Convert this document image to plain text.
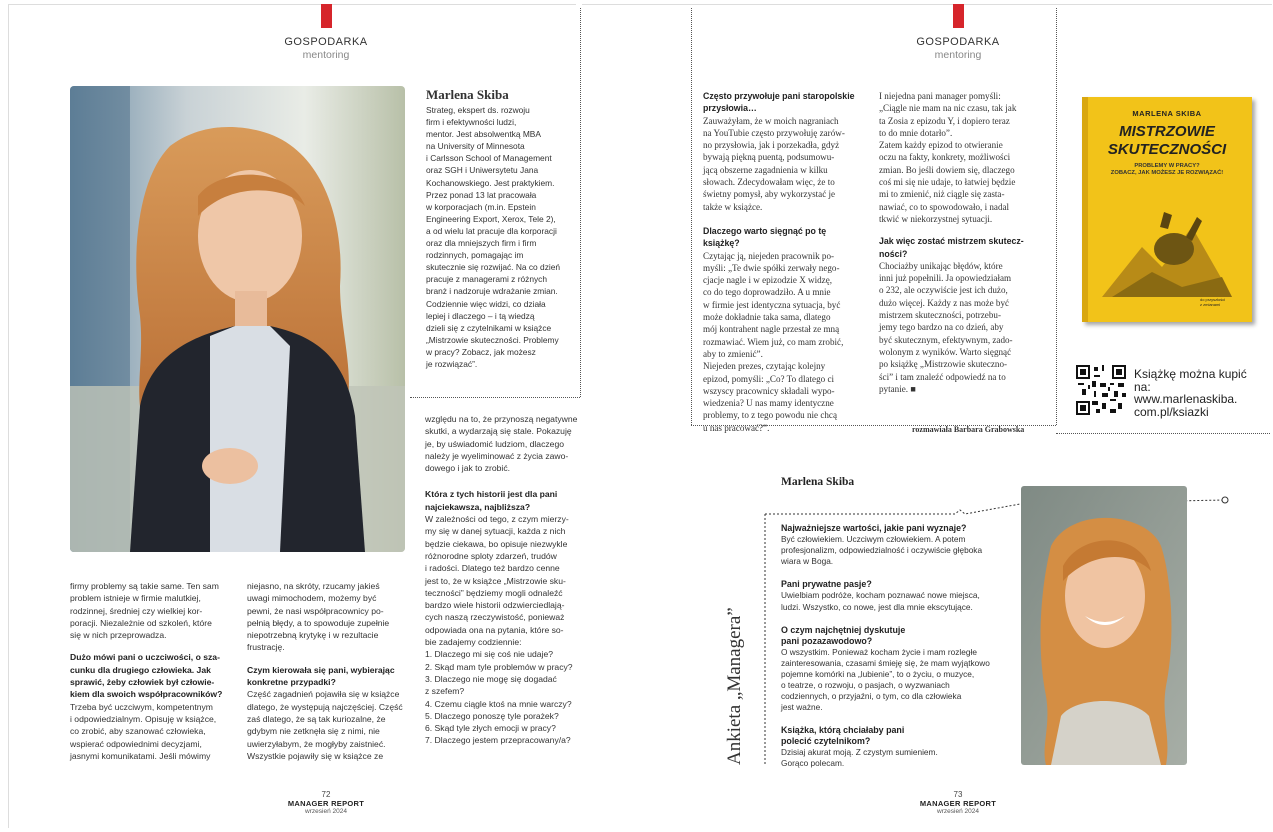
GOSPODARKA
mentoring
Marlena Skiba
Strateg, ekspert ds. rozwoju
firm i efektywności ludzi,
mentor. Jest absolwentką MBA
na University of Minnesota
i Carlsson School of Management
oraz SGH i Uniwersytetu Jana
Kochanowskiego. Jest praktykiem.
Przez ponad 13 lat pracowała
w korporacjach (m.in. Epstein
Engineering Export, Xerox, Tele 2),
a od wielu lat pracuje dla korporacji
oraz dla mniejszych firm i firm
rodzinnych, pomagając im
skutecznie się rozwijać. Na co dzień
pracuje z managerami z różnych
branż i nadzoruje wdrażanie zmian.
Codziennie więc widzi, co działa
lepiej i dlaczego – i tą wiedzą
dzieli się z czytelnikami w książce
„Mistrzowie skuteczności. Problemy
w pracy? Zobacz, jak możesz
je rozwiązać”.
firmy problemy są takie same. Ten sam
problem istnieje w firmie malutkiej,
rodzinnej, średniej czy wielkiej kor-
poracji. Niezależnie od szkoleń, które
się w nich przeprowadza.
Dużo mówi pani o uczciwości, o sza-
cunku dla drugiego człowieka. Jak
sprawić, żeby człowiek był człowie-
kiem dla swoich współpracowników?
Trzeba być uczciwym, kompetentnym
i odpowiedzialnym. Opisuję w książce,
co zrobić, aby szanować człowieka,
wspierać odpowiednimi decyzjami,
jasnymi komunikatami. Jeśli mówimy
niejasno, na skróty, rzucamy jakieś
uwagi mimochodem, możemy być
pewni, że nasi współpracownicy po-
pełnią błędy, a to spowoduje zupełnie
niepotrzebną krytykę i w rezultacie
frustrację.
Czym kierowała się pani, wybierając
konkretne przypadki?
Część zagadnień pojawiła się w książce
dlatego, że występują najczęściej. Część
zaś dlatego, że są tak kuriozalne, że
gdybym nie zetknęła się z nimi, nie
uwierzyłabym, że mogłyby zaistnieć.
Wszystkie pojawiły się w książce ze
względu na to, że przynoszą negatywne
skutki, a wydarzają się stale. Pokazuję
je, by uświadomić ludziom, dlaczego
należy je wyeliminować z życia zawo-
dowego i jak to zrobić.
Która z tych historii jest dla pani
najciekawsza, najbliższa?
W zależności od tego, z czym mierzy-
my się w danej sytuacji, każda z nich
będzie ciekawa, bo opisuje niezwykle
różnorodne sploty zdarzeń, trudów
i radości. Dlatego też bardzo cenne
jest to, że w książce „Mistrzowie sku-
teczności” będziemy mogli odnaleźć
bardzo wiele historii odzwierciedlają-
cych naszą rzeczywistość, ponieważ
odpowiada ona na pytania, które so-
bie zadajemy codziennie:
1. Dlaczego mi się coś nie udaje?
2. Skąd mam tyle problemów w pracy?
3. Dlaczego nie mogę się dogadać
z szefem?
4. Czemu ciągle ktoś na mnie warczy?
5. Dlaczego ponoszę tyle porażek?
6. Skąd tyle złych emocji w pracy?
7. Dlaczego jestem przepracowany/a?
72
MANAGER REPORT
wrzesień 2024
GOSPODARKA
mentoring
Często przywołuje pani staropolskie
przysłowia…
Zauważyłam, że w moich nagraniach
na YouTubie często przywołuję zarów-
no przysłowia, jak i porzekadła, gdyż
bywają piękną puentą, podsumowu-
jącą obszerne zagadnienia w kilku
słowach. Zdecydowałam więc, że to
świetny pomysł, aby wykorzystać je
także w książce.
Dlaczego warto sięgnąć po tę książkę?
Czytając ją, niejeden pracownik po-
myśli: „Te dwie spółki zerwały nego-
cjacje nagle i w epizodzie X widzę,
co do tego doprowadziło. A u mnie
w firmie jest identyczna sytuacja, być
może dokładnie taka sama, dlatego
mój kontrahent nagle przestał ze mną
rozmawiać. Wiem już, co mam zrobić,
aby to zmienić”.
Niejeden prezes, czytając kolejny
epizod, pomyśli: „Co? To dlatego ci
wszyscy pracownicy składali wypo-
wiedzenia? U nas mamy identyczne
problemy, to z tego powodu nie chcą
u nas pracować?”.
I niejedna pani manager pomyśli:
„Ciągle nie mam na nic czasu, tak jak
ta Zosia z epizodu Y, i dopiero teraz
to do mnie dotarło”.
Zatem każdy epizod to otwieranie
oczu na fakty, konkrety, możliwości
zmian. Bo jeśli dowiem się, dlaczego
coś mi się nie udaje, to łatwiej będzie
mi to zmienić, niż ciągle się zasta-
nawiać, co to spowodowało, i nadal
tkwić w niekorzystnej sytuacji.
Jak więc zostać mistrzem skutecz-
ności?
Chociażby unikając błędów, które
inni już popełnili. Ja opowiedziałam
o 232, ale oczywiście jest ich dużo,
dużo więcej. Każdy z nas może być
mistrzem skuteczności, potrzebu-
jemy tego bardzo na co dzień, aby
być skutecznym, efektywnym, zado-
wolonym z wyników. Warto sięgnąć
po książkę „Mistrzowie skuteczno-
ści” i tam znaleźć odpowiedź na to
pytanie. ■
rozmawiała Barbara Grabowska
MARLENA SKIBA
MISTRZOWIE
SKUTECZNOŚCI
PROBLEMY W PRACY?
ZOBACZ, JAK MOŻESZ JE ROZWIĄZAĆ!
do przyszłości
z zmianami
Książkę można kupić
na:
www.marlenaskiba.
com.pl/ksiazki
Ankieta „Managera”
Marlena Skiba
Najważniejsze wartości, jakie pani wyznaje?
Być człowiekiem. Uczciwym człowiekiem. A potem
profesjonalizm, odpowiedzialność i oczywiście głęboka
wiara w Boga.
Pani prywatne pasje?
Uwielbiam podróże, kocham poznawać nowe miejsca,
ludzi. Wszystko, co nowe, jest dla mnie ekscytujące.
O czym najchętniej dyskutuje
pani pozazawodowo?
O wszystkim. Ponieważ kocham życie i mam rozległe
zainteresowania, czasami śmieję się, że mam wyjątkowo
pojemne komórki na „lubienie”, to o życiu, o muzyce,
o teatrze, o rozwoju, o pasjach, o wyzwaniach
codziennych, o przyjaźni, o tym, co dla człowieka
jest ważne.
Książka, którą chciałaby pani
polecić czytelnikom?
Dzisiaj akurat moją. Z czystym sumieniem.
Gorąco polecam.
73
MANAGER REPORT
wrzesień 2024
